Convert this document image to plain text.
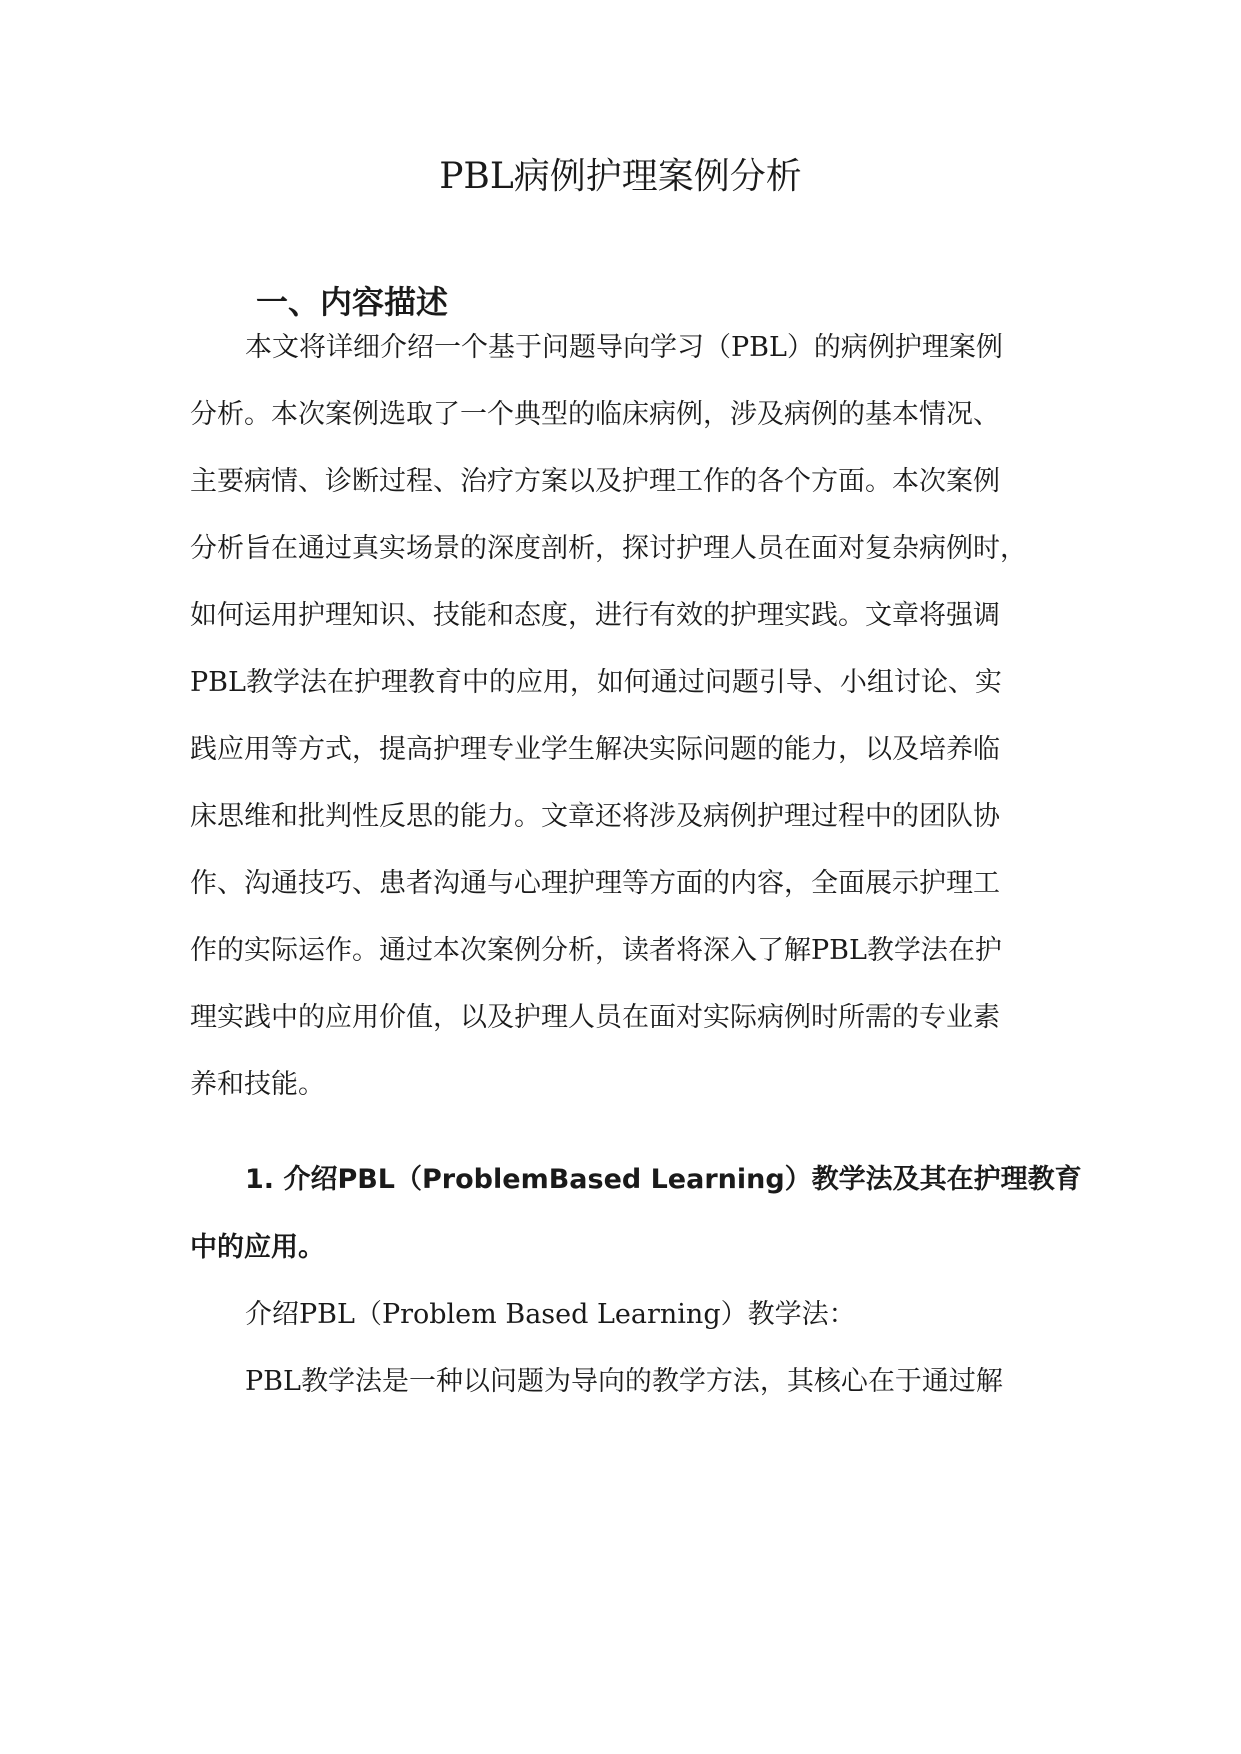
PBL病例护理案例分析
一、内容描述

本文将详细介绍一个基于问题导向学习（PBL）的病例护理案例

分析。本次案例选取了一个典型的临床病例，涉及病例的基本情况、

主要病情、诊断过程、治疗方案以及护理工作的各个方面。本次案例

分析旨在通过真实场景的深度剖析，探讨护理人员在面对复杂病例时，

如何运用护理知识、技能和态度，进行有效的护理实践。文章将强调

PBL教学法在护理教育中的应用，如何通过问题引导、小组讨论、实

践应用等方式，提高护理专业学生解决实际问题的能力，以及培养临

床思维和批判性反思的能力。文章还将涉及病例护理过程中的团队协

作、沟通技巧、患者沟通与心理护理等方面的内容，全面展示护理工

作的实际运作。通过本次案例分析，读者将深入了解PBL教学法在护

理实践中的应用价值，以及护理人员在面对实际病例时所需的专业素

养和技能。

1. 介绍PBL（ProblemBased Learning）教学法及其在护理教育

中的应用。

介绍PBL（Problem Based Learning）教学法：

PBL教学法是一种以问题为导向的教学方法，其核心在于通过解
